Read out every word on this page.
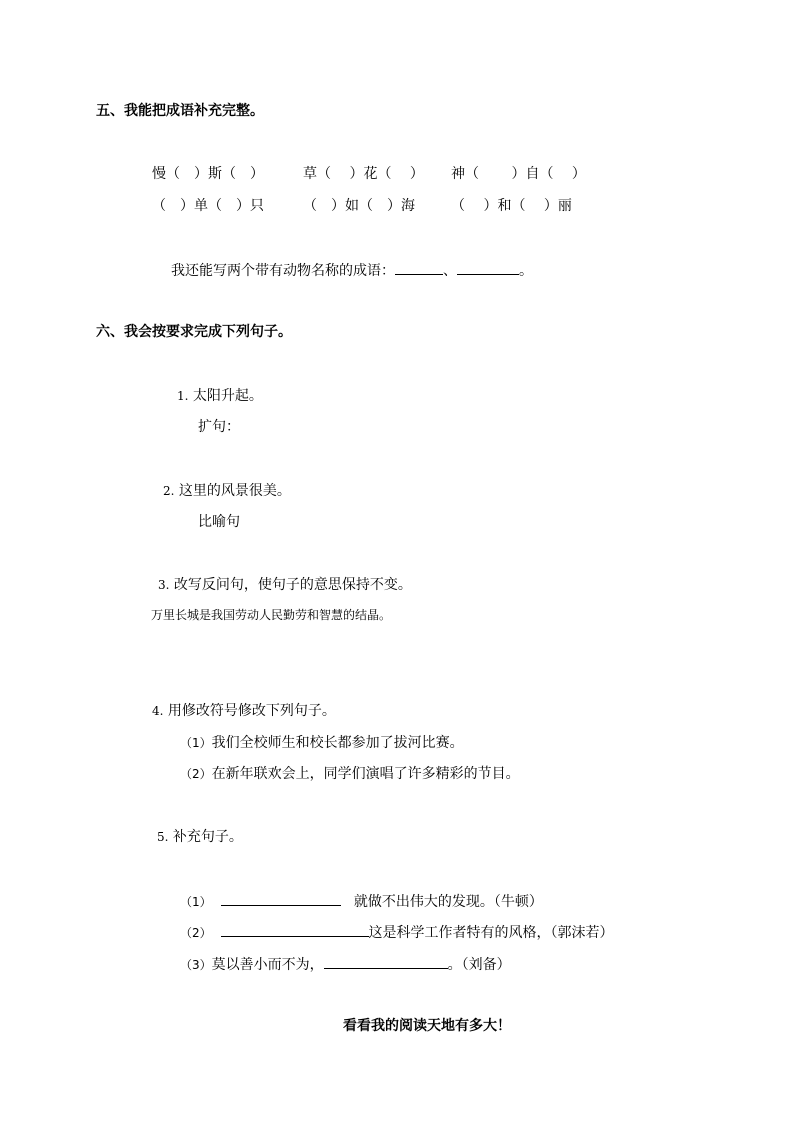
五、我能把成语补充完整。
慢（　）斯（　）	草（　 ）花（　 ） 神（　 　）自（　 ）
（　）单（　）只	（　）如（　）海	（　 ）和（　 ）丽
我还能写两个带有动物名称的成语：	、	。
六、我会按要求完成下列句子。
1. 太阳升起。
扩句：
2. 这里的风景很美。
比喻句
3. 改写反问句，使句子的意思保持不变。
万里长城是我国劳动人民勤劳和智慧的结晶。
4. 用修改符号修改下列句子。
（1）我们全校师生和校长都参加了拔河比赛。
（2）在新年联欢会上，同学们演唱了许多精彩的节目。
5. 补充句子。
（1）	就做不出伟大的发现。（牛顿）
（2）	这是科学工作者特有的风格，（郭沫若）
（3）莫以善小而不为，	。（刘备）
看看我的阅读天地有多大！
